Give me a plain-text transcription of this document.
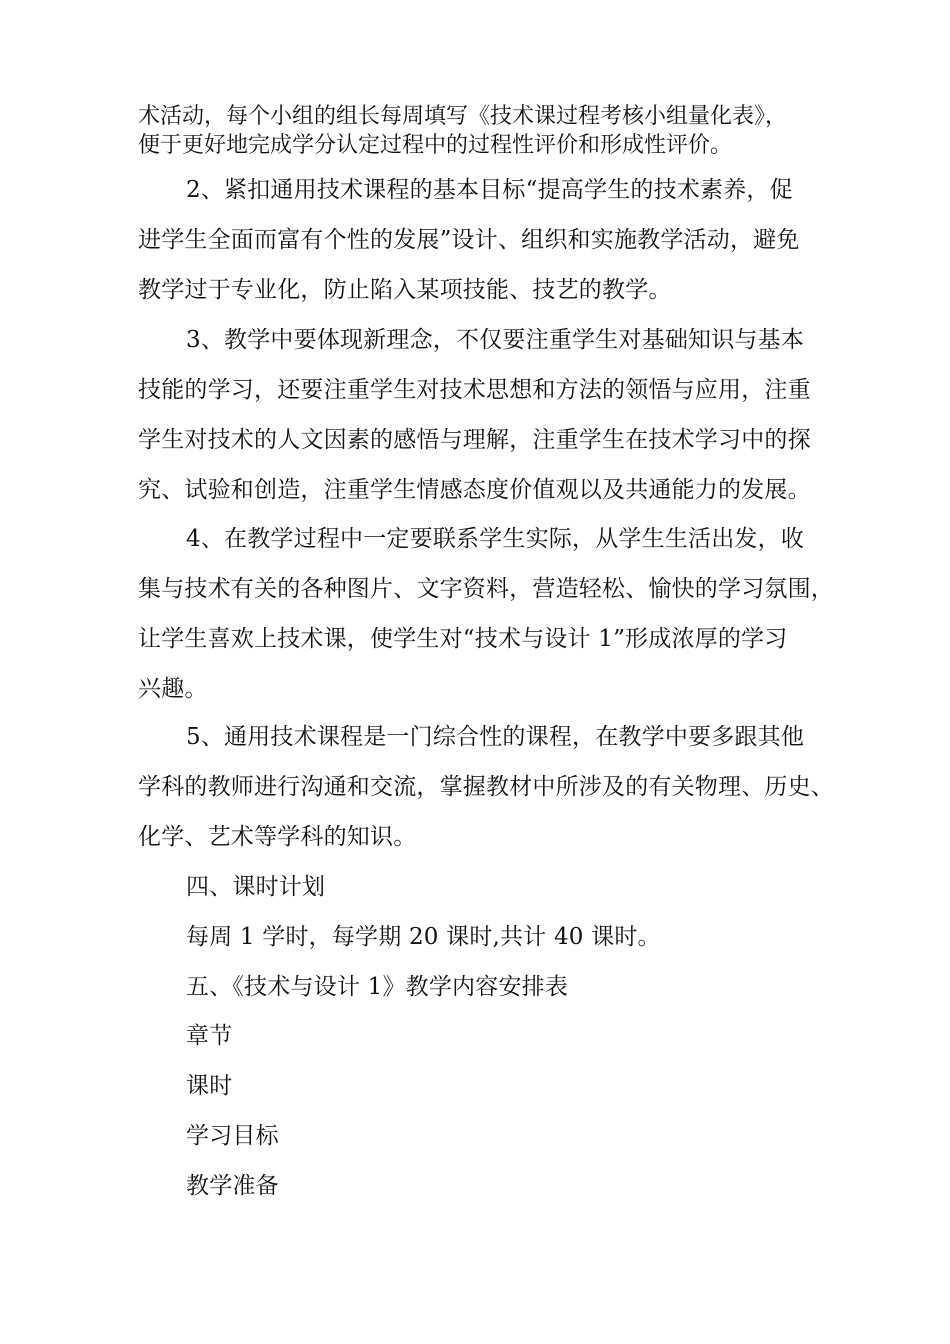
术活动，每个小组的组长每周填写《技术课过程考核小组量化表》，
便于更好地完成学分认定过程中的过程性评价和形成性评价。
2、紧扣通用技术课程的基本目标“提高学生的技术素养，促
进学生全面而富有个性的发展”设计、组织和实施教学活动，避免
教学过于专业化，防止陷入某项技能、技艺的教学。
3、教学中要体现新理念，不仅要注重学生对基础知识与基本
技能的学习，还要注重学生对技术思想和方法的领悟与应用，注重
学生对技术的人文因素的感悟与理解，注重学生在技术学习中的探
究、试验和创造，注重学生情感态度价值观以及共通能力的发展。
4、在教学过程中一定要联系学生实际，从学生生活出发，收
集与技术有关的各种图片、文字资料，营造轻松、愉快的学习氛围，
让学生喜欢上技术课，使学生对“技术与设计 1”形成浓厚的学习
兴趣。
5、通用技术课程是一门综合性的课程，在教学中要多跟其他
学科的教师进行沟通和交流，掌握教材中所涉及的有关物理、历史、
化学、艺术等学科的知识。
四、课时计划
每周 1 学时，每学期 20 课时,共计 40 课时。
五、《技术与设计 1》教学内容安排表
章节
课时
学习目标
教学准备
